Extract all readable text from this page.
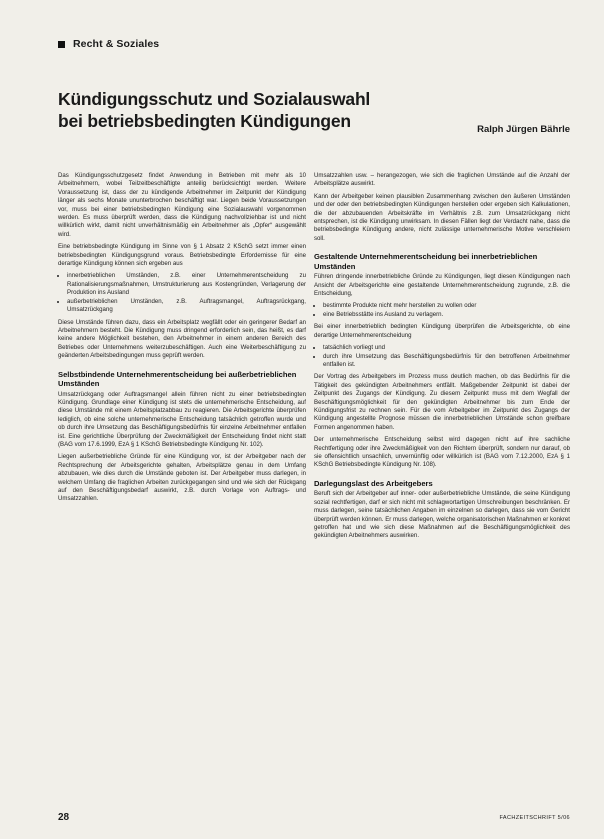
Recht & Soziales
Kündigungsschutz und Sozialauswahl
bei betriebsbedingten Kündigungen	Ralph Jürgen Bährle

Das Kündigungsschutzgesetz findet Anwendung in Betrieben mit mehr als 10 Arbeitnehmern, wobei Teilzeitbeschäftigte anteilig berücksichtigt werden. Weitere Voraussetzung ist, dass der zu kündigende Arbeitnehmer im Zeitpunkt der Kündigung länger als sechs Monate ununterbrochen beschäftigt war. Liegen beide Voraussetzungen vor, muss bei einer betriebsbedingten Kündigung eine Sozialauswahl vorgenommen werden. Es muss überprüft werden, dass die Kündigung nachvollziehbar ist und nicht willkürlich wirkt, damit nicht unverhältnismäßig ein Arbeitnehmer als „Opfer“ ausgewählt wird.

Eine betriebsbedingte Kündigung im Sinne von § 1 Absatz 2 KSchG setzt immer einen betriebsbedingten Kündigungsgrund voraus. Betriebsbedingte Erfordernisse für eine derartige Kündigung können sich ergeben aus

• innerbetrieblichen Umständen, z.B. einer Unternehmerentscheidung zu Rationalisierungsmaßnahmen, Umstrukturierung aus Kostengründen, Verlagerung der Produktion ins Ausland
• außerbetrieblichen Umständen, z.B. Auftragsmangel, Auftragsrückgang, Umsatzrückgang

Diese Umstände führen dazu, dass ein Arbeitsplatz wegfällt oder ein geringerer Bedarf an Arbeitnehmern besteht. Die Kündigung muss dringend erforderlich sein, das heißt, es darf keine andere Möglichkeit bestehen, den Arbeitnehmer in einem anderen Bereich des Betriebes oder Unternehmens weiterzubeschäftigen. Auch eine Weiterbeschäftigung zu geänderten Arbeitsbedingungen muss geprüft werden.

Selbstbindende Unternehmerentscheidung bei außerbetrieblichen Umständen

Umsatzrückgang oder Auftragsmangel allein führen nicht zu einer betriebsbedingten Kündigung. Grundlage einer Kündigung ist stets die unternehmerische Entscheidung, auf diese Umstände mit einem Arbeitsplatzabbau zu reagieren. Die Arbeitsgerichte überprüfen lediglich, ob eine solche unternehmerische Entscheidung tatsächlich getroffen wurde und ob durch ihre Umsetzung das Beschäftigungsbedürfnis für einzelne Arbeitnehmer entfallen ist. Eine gerichtliche Überprüfung der Zweckmäßigkeit der Entscheidung findet nicht statt (BAG vom 17.6.1999, EzA § 1 KSchG Betriebsbedingte Kündigung Nr. 102).

Liegen außerbetriebliche Gründe für eine Kündigung vor, ist der Arbeitgeber nach der Rechtsprechung der Arbeitsgerichte gehalten, Arbeitsplätze genau in dem Umfang abzubauen, wie dies durch die Umstände geboten ist. Der Arbeitgeber muss darlegen, in welchem Umfang die fraglichen Arbeiten zurückgegangen sind und wie sich der Rückgang auf den Beschäftigungsbedarf auswirkt, z.B. durch Vorlage von Auftrags- und Umsatzzahlen.

Umsatzzahlen usw. – herangezogen, wie sich die fraglichen Umstände auf die Anzahl der Arbeitsplätze auswirkt.

Kann der Arbeitgeber keinen plausiblen Zusammenhang zwischen den äußeren Umständen und der oder den betriebsbedingten Kündigungen herstellen oder ergeben sich Kalkulationen, die der abzubauenden Arbeitskräfte im Verhältnis z.B. zum Umsatzrückgang nicht entsprechen, ist die Kündigung unwirksam. In diesen Fällen liegt der Verdacht nahe, dass die betriebsbedingte Kündigung andere, nicht zulässige unternehmerische Motive verschleiern soll.

Gestaltende Unternehmerentscheidung bei innerbetrieblichen Umständen

Führen dringende innerbetriebliche Gründe zu Kündigungen, liegt diesen Kündigungen nach Ansicht der Arbeitsgerichte eine gestaltende Unternehmerentscheidung zugrunde, z.B. die Entscheidung,

• bestimmte Produkte nicht mehr herstellen zu wollen oder
• eine Betriebsstätte ins Ausland zu verlagern.

Bei einer innerbetrieblich bedingten Kündigung überprüfen die Arbeitsgerichte, ob eine derartige Unternehmerentscheidung

• tatsächlich vorliegt und
• durch ihre Umsetzung das Beschäftigungsbedürfnis für den betroffenen Arbeitnehmer entfallen ist.

Der Vortrag des Arbeitgebers im Prozess muss deutlich machen, ob das Bedürfnis für die Tätigkeit des gekündigten Arbeitnehmers entfällt. Maßgebender Zeitpunkt ist dabei der Zeitpunkt des Zugangs der Kündigung. Zu diesem Zeitpunkt muss mit dem Wegfall der Beschäftigungsmöglichkeit für den gekündigten Arbeitnehmer bis zum Ende der Kündigungsfrist zu rechnen sein. Für die vom Arbeitgeber im Zeitpunkt des Zugangs der Kündigung angestellte Prognose müssen die innerbetrieblichen Umstände schon greifbare Formen angenommen haben.

Der unternehmerische Entscheidung selbst wird dagegen nicht auf ihre sachliche Rechtfertigung oder ihre Zweckmäßigkeit von den Richtern überprüft, sondern nur darauf, ob sie offensichtlich unsachlich, unvernünftig oder willkürlich ist (BAG vom 7.12.2000, EzA § 1 KSchG Betriebsbedingte Kündigung Nr. 108).

Darlegungslast des Arbeitgebers

Beruft sich der Arbeitgeber auf inner- oder außerbetriebliche Umstände, die seine Kündigung sozial rechtfertigen, darf er sich nicht mit schlagwortartigen Umschreibungen beschränken. Er muss darlegen, seine tatsächlichen Angaben im einzelnen so darlegen, dass sie vom Gericht überprüft werden können. Er muss darlegen, welche organisatorischen Maßnahmen er konkret getroffen hat und wie sich diese Maßnahmen auf die Beschäftigungsmöglichkeit des gekündigten Arbeitnehmers auswirken.

28	FACHZEITSCHRIFT 5/06
